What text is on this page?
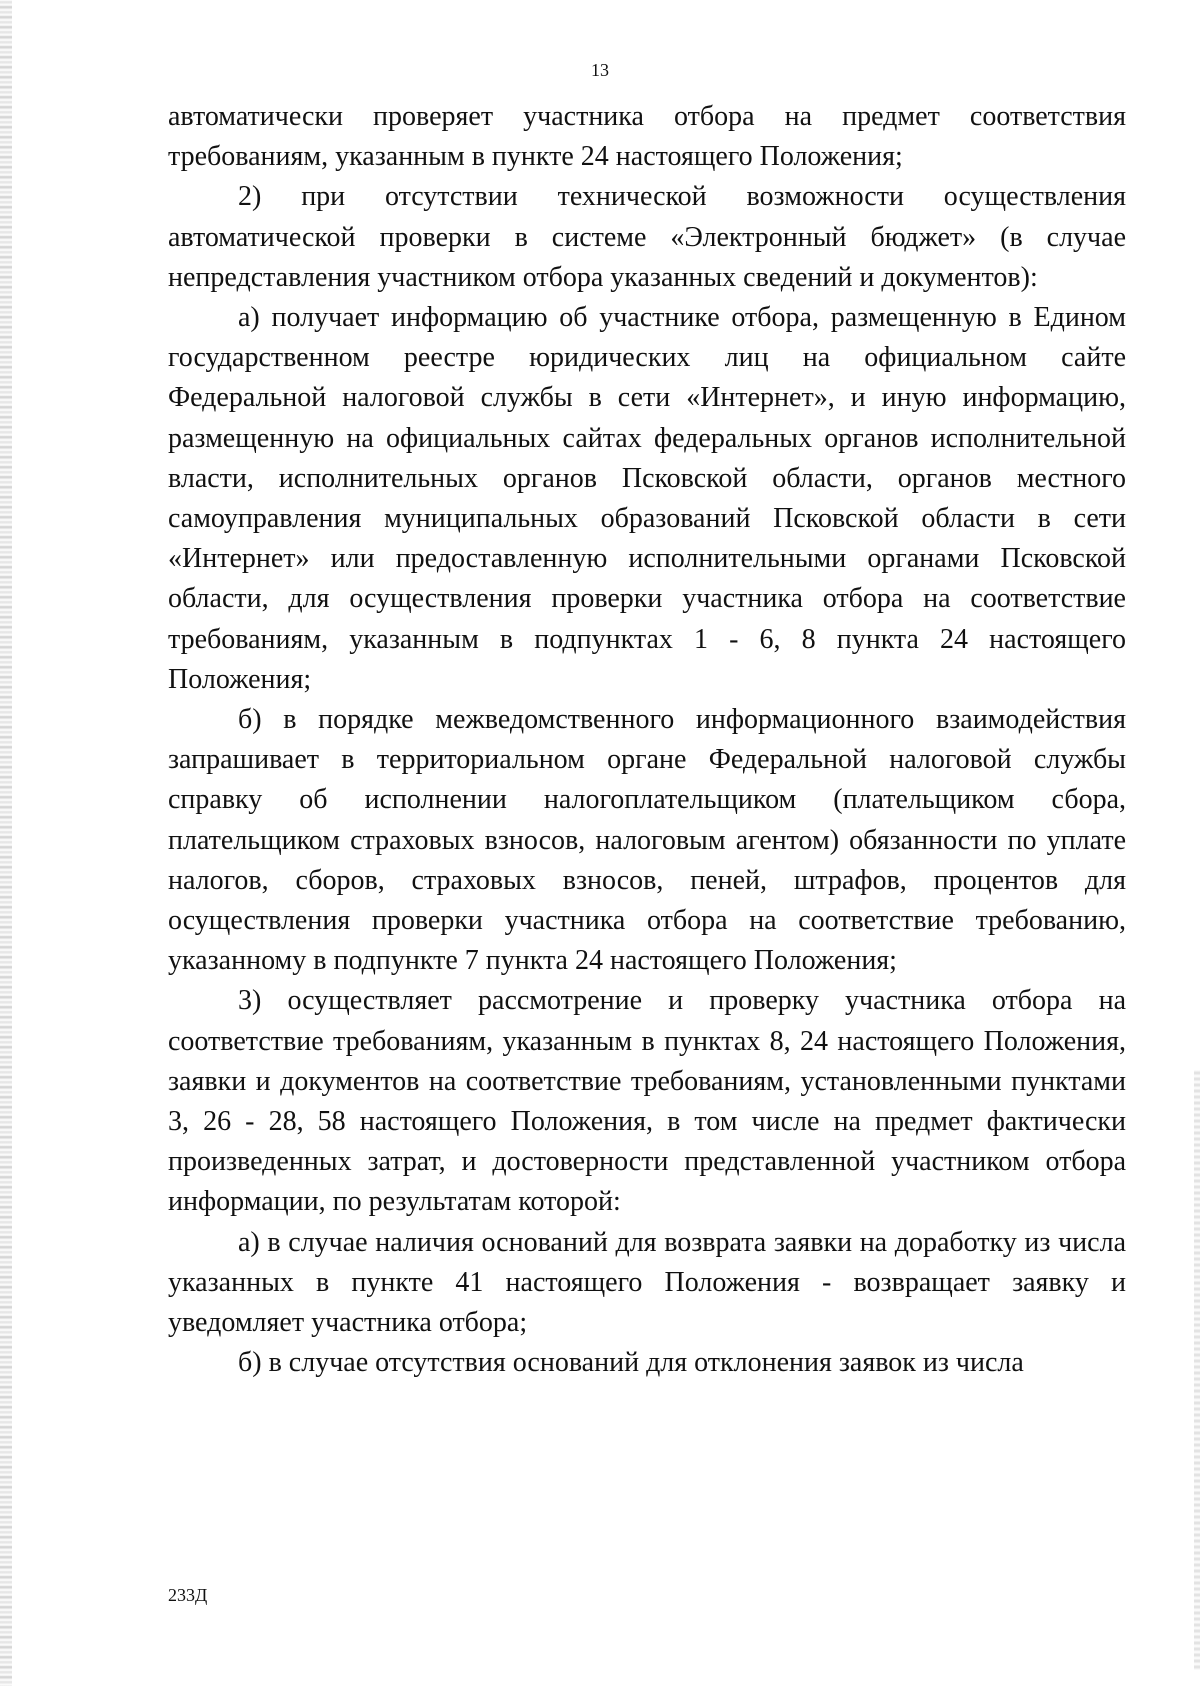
13

автоматически проверяет участника отбора на предмет соответствия требованиям, указанным в пункте 24 настоящего Положения;

2) при отсутствии технической возможности осуществления автоматической проверки в системе «Электронный бюджет» (в случае непредставления участником отбора указанных сведений и документов):

а) получает информацию об участнике отбора, размещенную в Едином государственном реестре юридических лиц на официальном сайте Федеральной налоговой службы в сети «Интернет», и иную информацию, размещенную на официальных сайтах федеральных органов исполнительной власти, исполнительных органов Псковской области, органов местного самоуправления муниципальных образований Псковской области в сети «Интернет» или предоставленную исполнительными органами Псковской области, для осуществления проверки участника отбора на соответствие требованиям, указанным в подпунктах 1 - 6, 8 пункта 24 настоящего Положения;

б) в порядке межведомственного информационного взаимодействия запрашивает в территориальном органе Федеральной налоговой службы справку об исполнении налогоплательщиком (плательщиком сбора, плательщиком страховых взносов, налоговым агентом) обязанности по уплате налогов, сборов, страховых взносов, пеней, штрафов, процентов для осуществления проверки участника отбора на соответствие требованию, указанному в подпункте 7 пункта 24 настоящего Положения;

3) осуществляет рассмотрение и проверку участника отбора на соответствие требованиям, указанным в пунктах 8, 24 настоящего Положения, заявки и документов на соответствие требованиям, установленными пунктами 3, 26 - 28, 58 настоящего Положения, в том числе на предмет фактически произведенных затрат, и достоверности представленной участником отбора информации, по результатам которой:

а) в случае наличия оснований для возврата заявки на доработку из числа указанных в пункте 41 настоящего Положения - возвращает заявку и уведомляет участника отбора;

б) в случае отсутствия оснований для отклонения заявок из числа

233Д
